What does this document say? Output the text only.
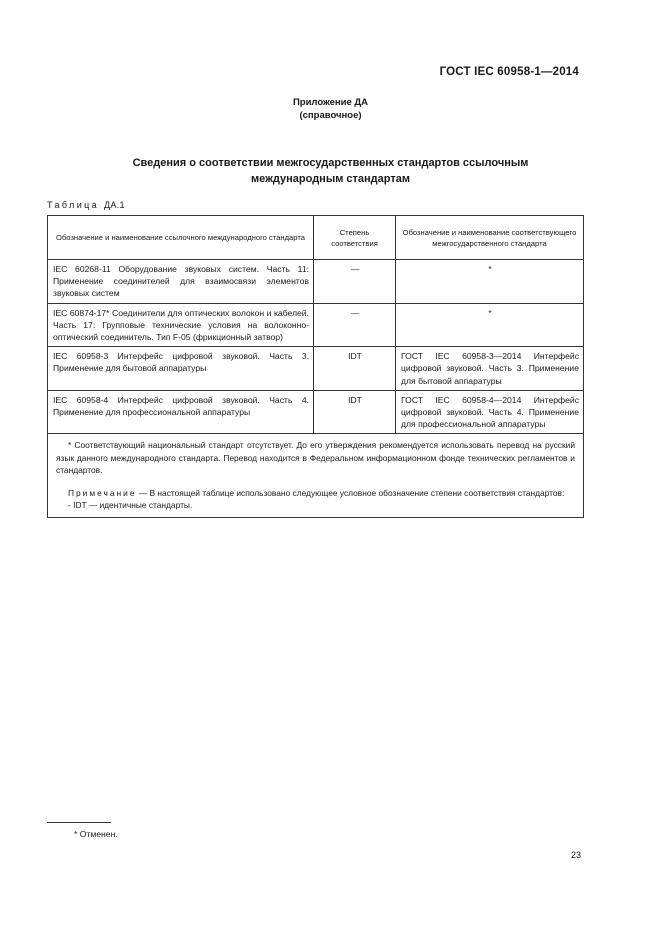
ГОСТ IEC 60958-1—2014
Приложение ДА
(справочное)
Сведения о соответствии межгосударственных стандартов ссылочным
международным стандартам
Таблица ДА.1
Обозначение и наименование ссылочного международного стандарта	Степень соответствия	Обозначение и наименование соответствующего межгосударственного стандарта
IEC 60268-11 Оборудование звуковых систем. Часть 11: Применение соединителей для взаимосвязи элементов звуковых систем	—	*
IEC 60874-17* Соединители для оптических волокон и кабелей. Часть 17: Групповые технические условия на волоконно-оптический соединитель. Тип F-05 (фрикционный затвор)	—	*
IEC 60958-3 Интерфейс цифровой звуковой. Часть 3. Применение для бытовой аппаратуры	IDT	ГОСТ IEC 60958-3—2014 Интерфейс цифровой звуковой. Часть 3. Применение для бытовой аппаратуры
IEC 60958-4 Интерфейс цифровой звуковой. Часть 4. Применение для профессиональной аппаратуры	IDT	ГОСТ IEC 60958-4—2014 Интерфейс цифровой звуковой. Часть 4. Применение для профессиональной аппаратуры

* Соответствующий национальный стандарт отсутствует. До его утверждения рекомендуется использовать перевод на русский язык данного международного стандарта. Перевод находится в Федеральном информационном фонде технических регламентов и стандартов.

Примечание — В настоящей таблице использовано следующее условное обозначение степени соответствия стандартов:

- IDT — идентичные стандарты.		

* Отменен.
23
